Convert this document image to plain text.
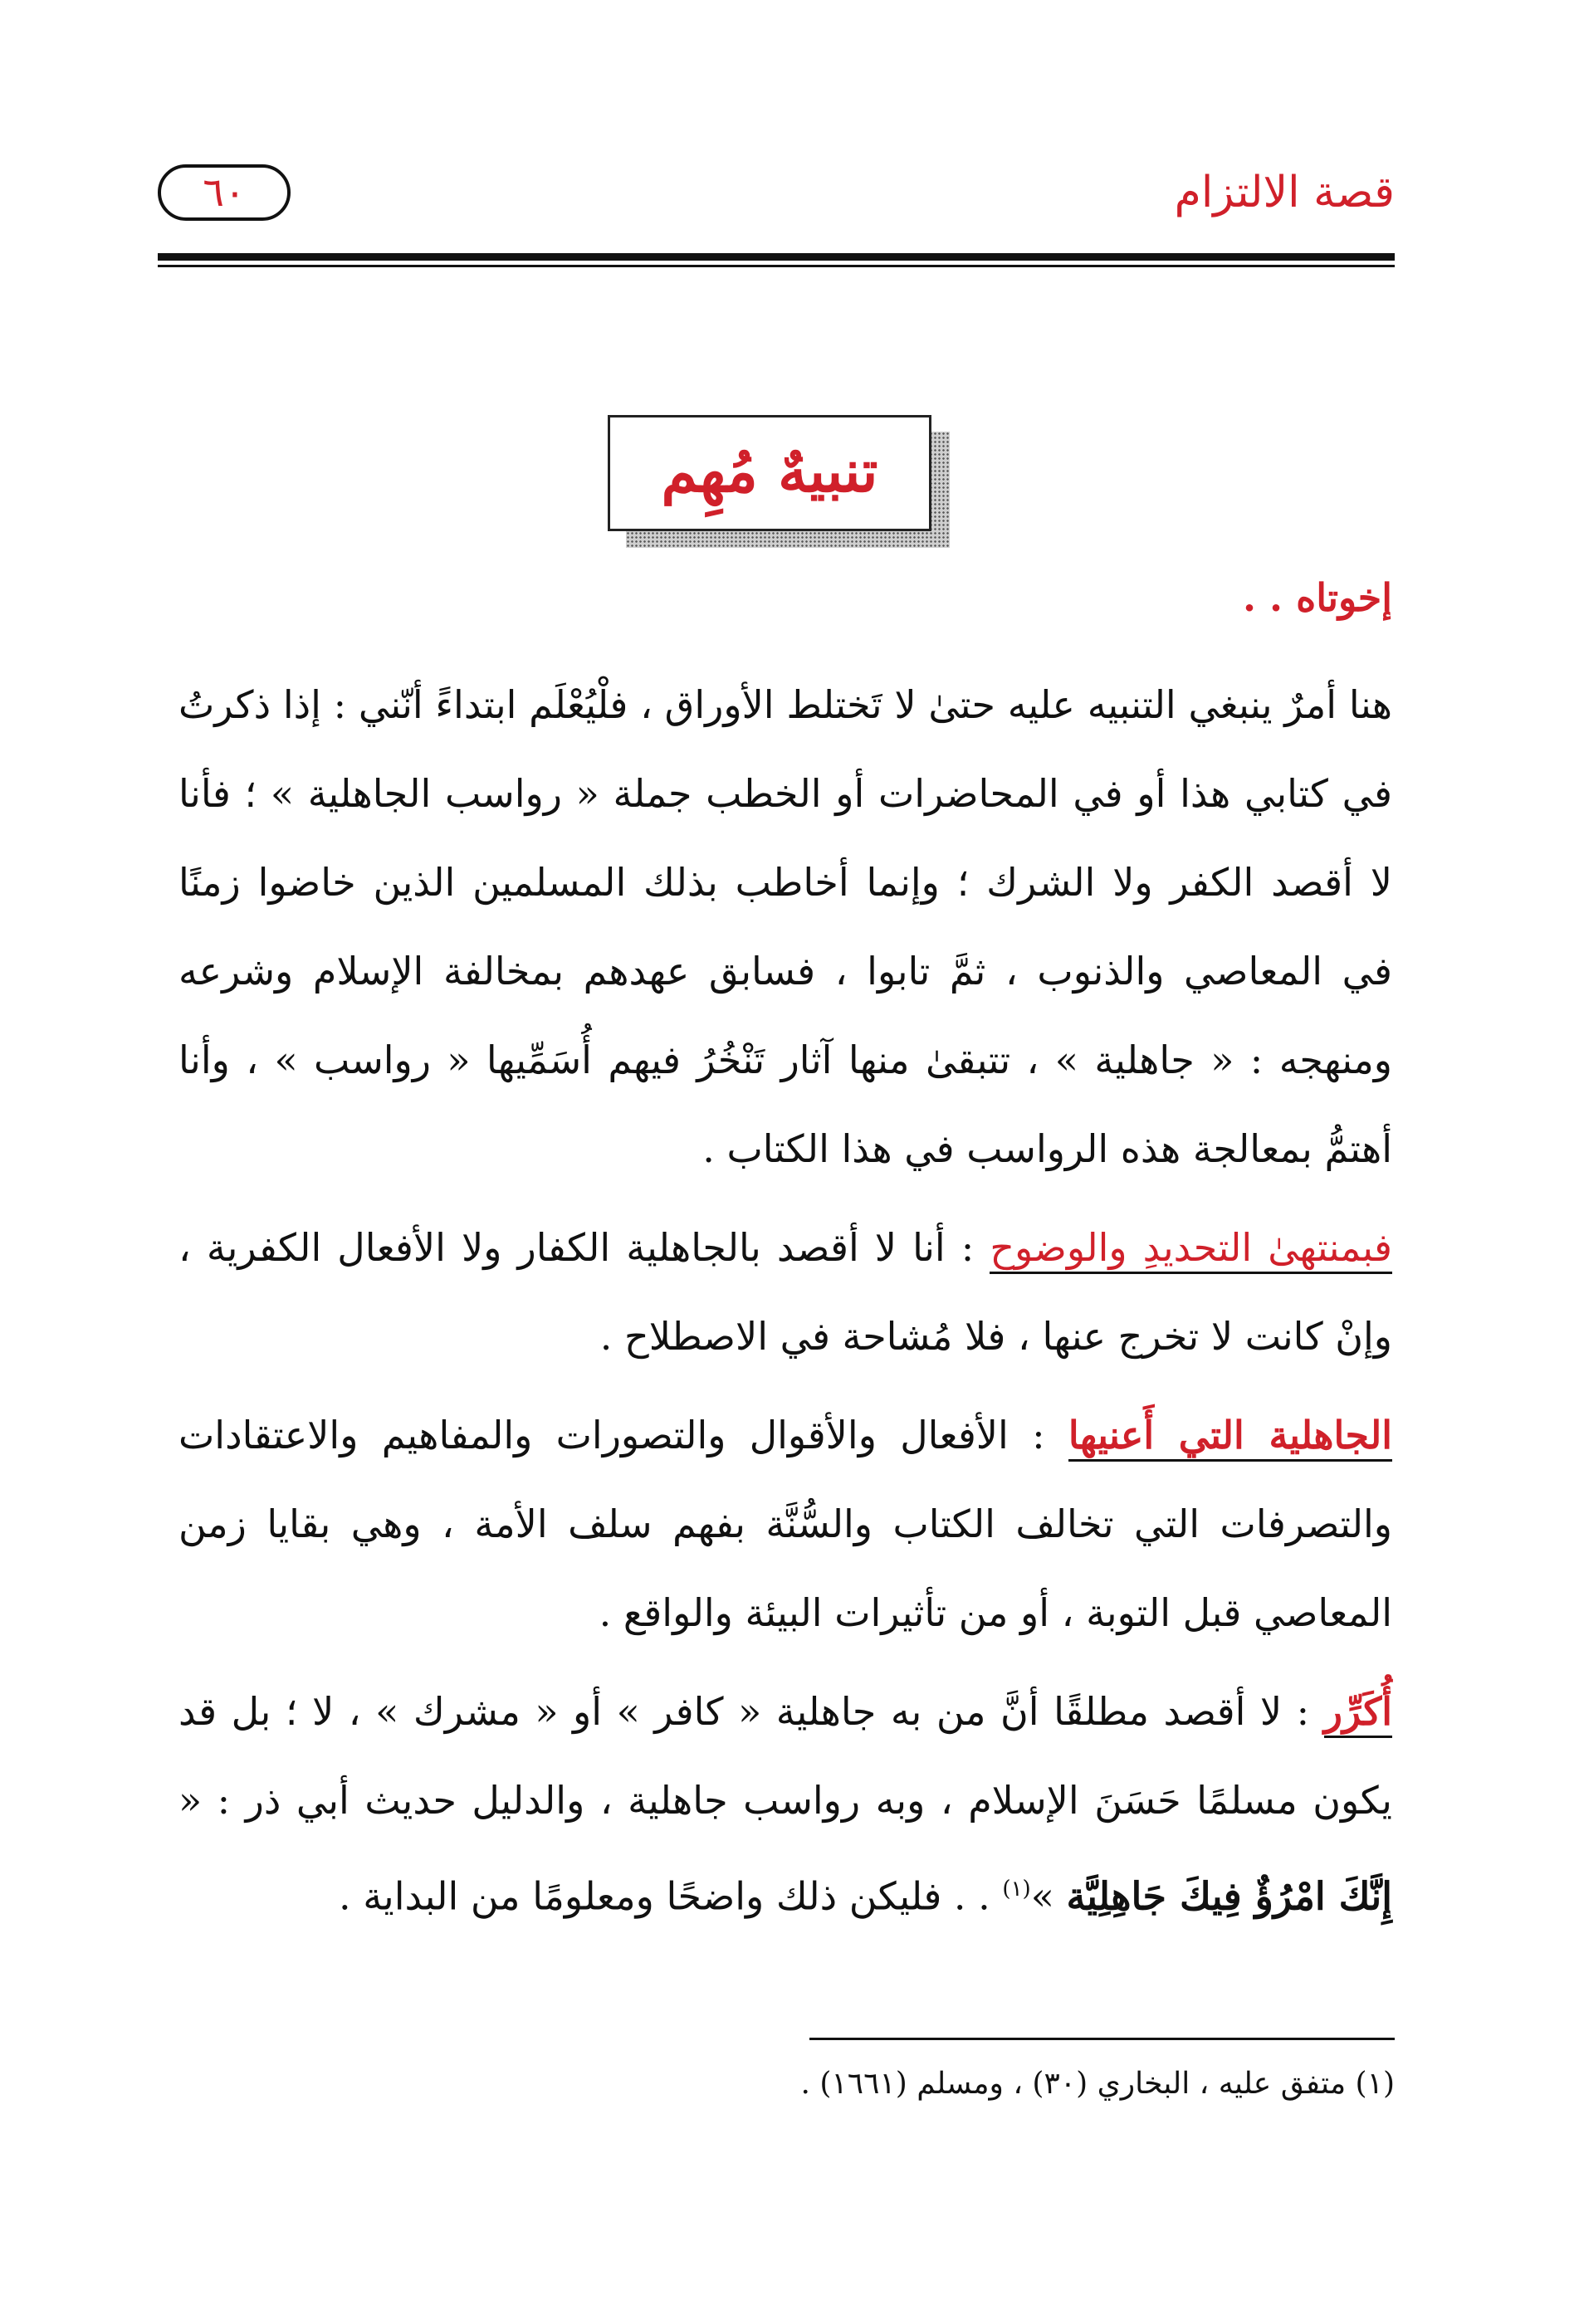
قصة الالتزام
٦٠
تنبيهٌ مُهِم
إخوتاه . .

هنا أمرٌ ينبغي التنبيه عليه حتىٰ لا تَختلط الأوراق ، فلْيُعْلَم ابتداءً أنّني : إذا ذكرتُ في كتابي هذا أو في المحاضرات أو الخطب جملة « رواسب الجاهلية » ؛ فأنا لا أقصد الكفر ولا الشرك ؛ وإنما أخاطب بذلك المسلمين الذين خاضوا زمنًا في المعاصي والذنوب ، ثمَّ تابوا ، فسابق عهدهم بمخالفة الإسلام وشرعه ومنهجه : « جاهلية » ، تتبقىٰ منها آثار تَنْخُرُ فيهم أُسَمِّيها « رواسب » ، وأنا أهتمُّ بمعالجة هذه الرواسب في هذا الكتاب .

فبمنتهىٰ التحديدِ والوضوح : أنا لا أقصد بالجاهلية الكفار ولا الأفعال الكفرية ، وإنْ كانت لا تخرج عنها ، فلا مُشاحة في الاصطلاح .

الجاهلية التي أَعنيها : الأفعال والأقوال والتصورات والمفاهيم والاعتقادات والتصرفات التي تخالف الكتاب والسُّنَّة بفهم سلف الأمة ، وهي بقايا زمن المعاصي قبل التوبة ، أو من تأثيرات البيئة والواقع .

أُكَرِّر : لا أقصد مطلقًا أنَّ من به جاهلية « كافر » أو « مشرك » ، لا ؛ بل قد يكون مسلمًا حَسَنَ الإسلام ، وبه رواسب جاهلية ، والدليل حديث أبي ذر : « إِنَّكَ امْرُؤٌ فِيكَ جَاهِلِيَّة »$^{(١)}$ . . فليكن ذلك واضحًا ومعلومًا من البداية .

(١) متفق عليه ، البخاري (٣٠) ، ومسلم (١٦٦١) .
